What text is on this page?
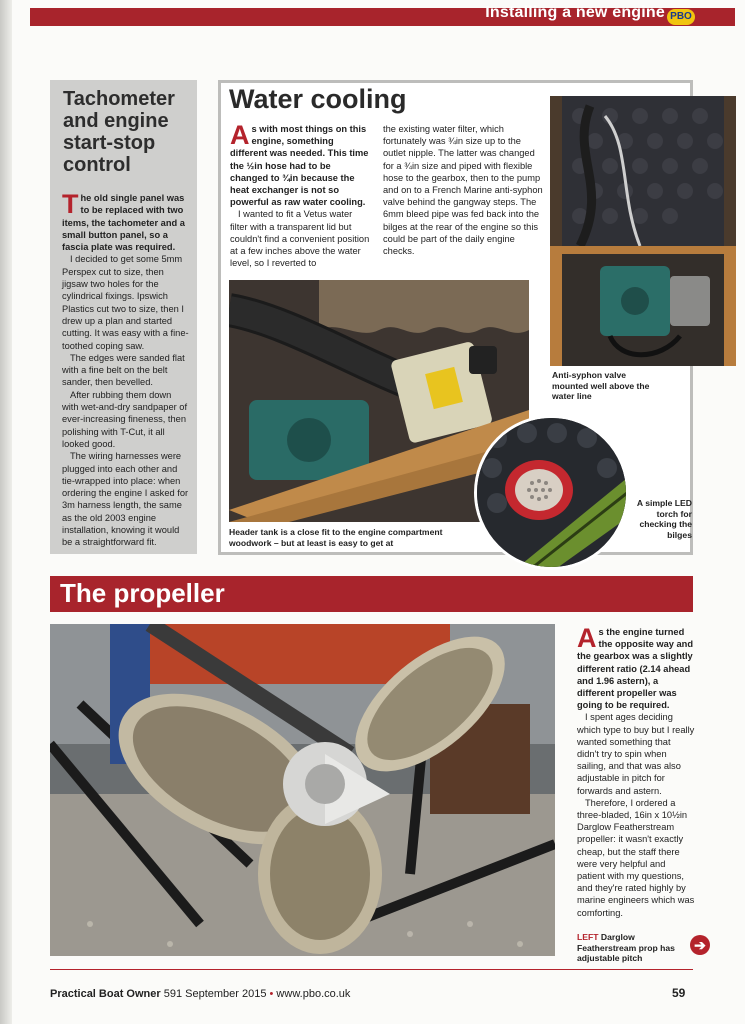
Installing a new engine PBO
Tachometer and engine start-stop control

The old single panel was to be replaced with two items, the tachometer and a small button panel, so a fascia plate was required.

I decided to get some 5mm Perspex cut to size, then jigsaw two holes for the cylindrical fixings. Ipswich Plastics cut two to size, then I drew up a plan and started cutting. It was easy with a fine-toothed coping saw.

The edges were sanded flat with a fine belt on the belt sander, then bevelled.

After rubbing them down with wet-and-dry sandpaper of ever-increasing fineness, then polishing with T-Cut, it all looked good.

The wiring harnesses were plugged into each other and tie-wrapped into place: when ordering the engine I asked for 3m harness length, the same as the old 2003 engine installation, knowing it would be a straightforward fit.

Water cooling

As with most things on this engine, something different was needed. This time the ½in hose had to be changed to ¾in because the heat exchanger is not so powerful as raw water cooling.

I wanted to fit a Vetus water filter with a transparent lid but couldn't find a convenient position at a few inches above the water level, so I reverted to

the existing water filter, which fortunately was ¾in size up to the outlet nipple. The latter was changed for a ¾in size and piped with flexible hose to the gearbox, then to the pump and on to a French Marine anti-syphon valve behind the gangway steps. The 6mm bleed pipe was fed back into the bilges at the rear of the engine so this could be part of the daily engine checks.

Anti-syphon valve mounted well above the water line
Header tank is a close fit to the engine compartment woodwork – but at least is easy to get at
A simple LED torch for checking the bilges
The propeller

As the engine turned the opposite way and the gearbox was a slightly different ratio (2.14 ahead and 1.96 astern), a different propeller was going to be required.

I spent ages deciding which type to buy but I really wanted something that didn't try to spin when sailing, and that was also adjustable in pitch for forwards and astern.

Therefore, I ordered a three-bladed, 16in x 10½in Darglow Featherstream propeller: it wasn't exactly cheap, but the staff there were very helpful and patient with my questions, and they're rated highly by marine engineers which was comforting.

LEFT Darglow Featherstream prop has adjustable pitch
➔
Practical Boat Owner 591 September 2015 • www.pbo.co.uk	59
